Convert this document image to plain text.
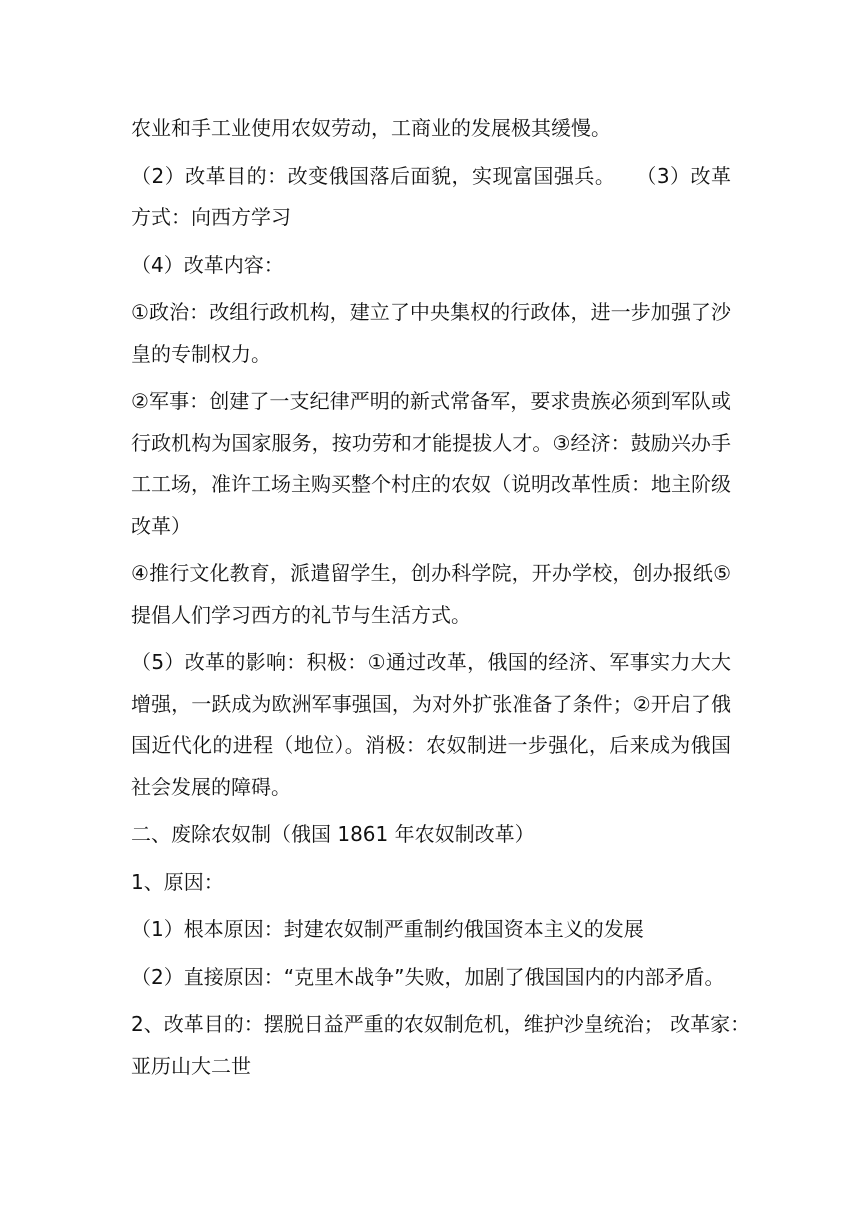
农业和手工业使用农奴劳动，工商业的发展极其缓慢。

（2）改革目的：改变俄国落后面貌，实现富国强兵。　　（3）改革
方式：向西方学习

（4）改革内容：

①政治：改组行政机构，建立了中央集权的行政体，进一步加强了沙
皇的专制权力。

②军事：创建了一支纪律严明的新式常备军，要求贵族必须到军队或
行政机构为国家服务，按功劳和才能提拔人才。③经济：鼓励兴办手
工工场，准许工场主购买整个村庄的农奴（说明改革性质：地主阶级
改革）

④推行文化教育，派遣留学生，创办科学院，开办学校，创办报纸⑤
提倡人们学习西方的礼节与生活方式。

（5）改革的影响：积极：①通过改革，俄国的经济、军事实力大大
增强，一跃成为欧洲军事强国，为对外扩张准备了条件；②开启了俄
国近代化的进程（地位）。消极：农奴制进一步强化，后来成为俄国
社会发展的障碍。

二、废除农奴制（俄国 1861 年农奴制改革）

1、原因：

（1）根本原因：封建农奴制严重制约俄国资本主义的发展

（2）直接原因：“克里木战争”失败，加剧了俄国国内的内部矛盾。

2、改革目的：摆脱日益严重的农奴制危机，维护沙皇统治； 改革家：
亚历山大二世
